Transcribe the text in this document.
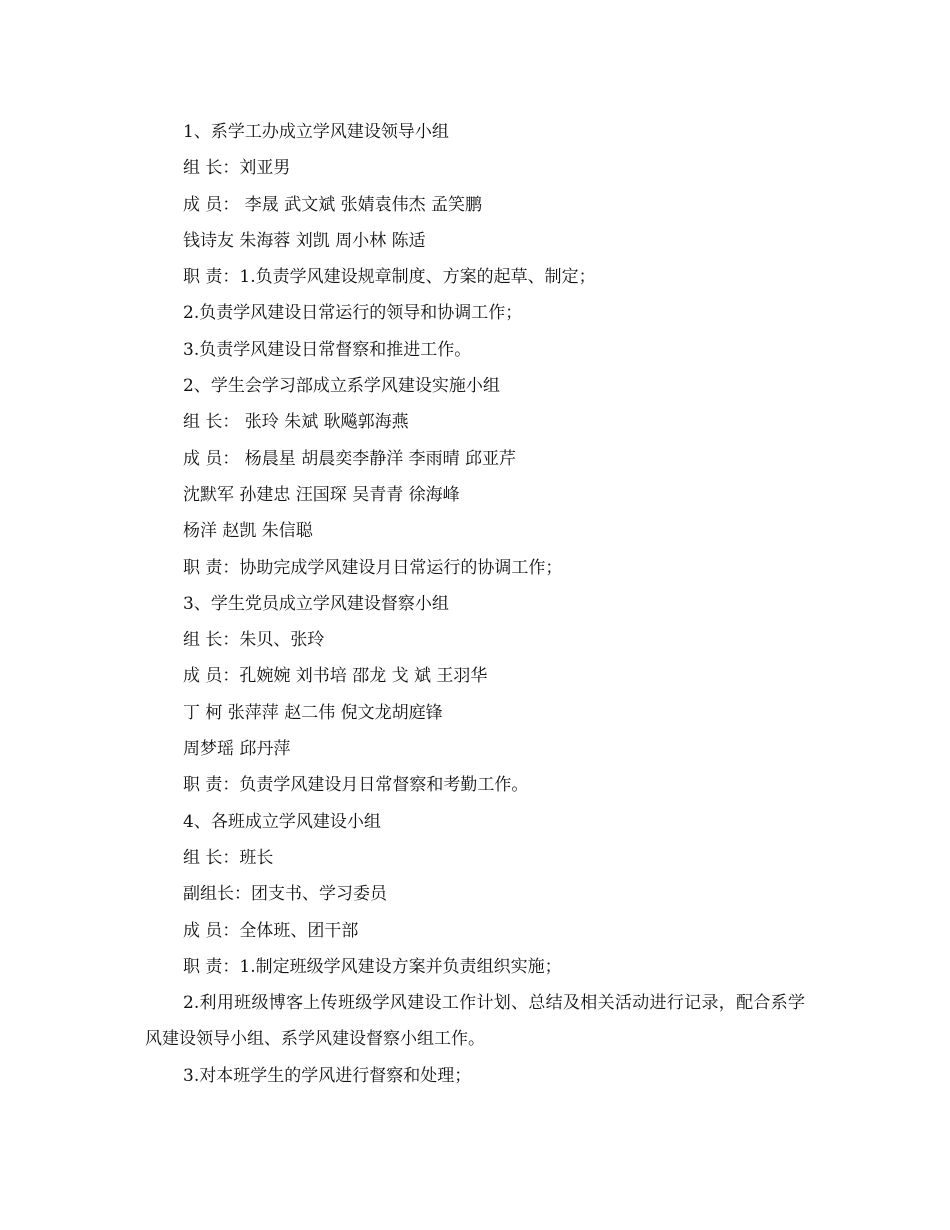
1、系学工办成立学风建设领导小组
组 长：刘亚男
成 员： 李晟 武文斌 张婧袁伟杰 孟笑鹏
钱诗友 朱海蓉 刘凯 周小林 陈适
职 责：1.负责学风建设规章制度、方案的起草、制定；
2.负责学风建设日常运行的领导和协调工作；
3.负责学风建设日常督察和推进工作。
2、学生会学习部成立系学风建设实施小组
组 长： 张玲 朱斌 耿飚郭海燕
成 员： 杨晨星 胡晨奕李静洋 李雨晴 邱亚芹
沈默军 孙建忠 汪国琛 吴青青 徐海峰
杨洋 赵凯 朱信聪
职 责：协助完成学风建设月日常运行的协调工作；
3、学生党员成立学风建设督察小组
组 长：朱贝、张玲
成 员：孔婉婉 刘书培 邵龙 戈 斌 王羽华
丁 柯 张萍萍 赵二伟 倪文龙胡庭锋
周梦瑶 邱丹萍
职 责：负责学风建设月日常督察和考勤工作。
4、各班成立学风建设小组
组 长：班长
副组长：团支书、学习委员
成 员：全体班、团干部
职 责：1.制定班级学风建设方案并负责组织实施；
2.利用班级博客上传班级学风建设工作计划、总结及相关活动进行记录，配合系学风建设领导小组、系学风建设督察小组工作。
3.对本班学生的学风进行督察和处理；
